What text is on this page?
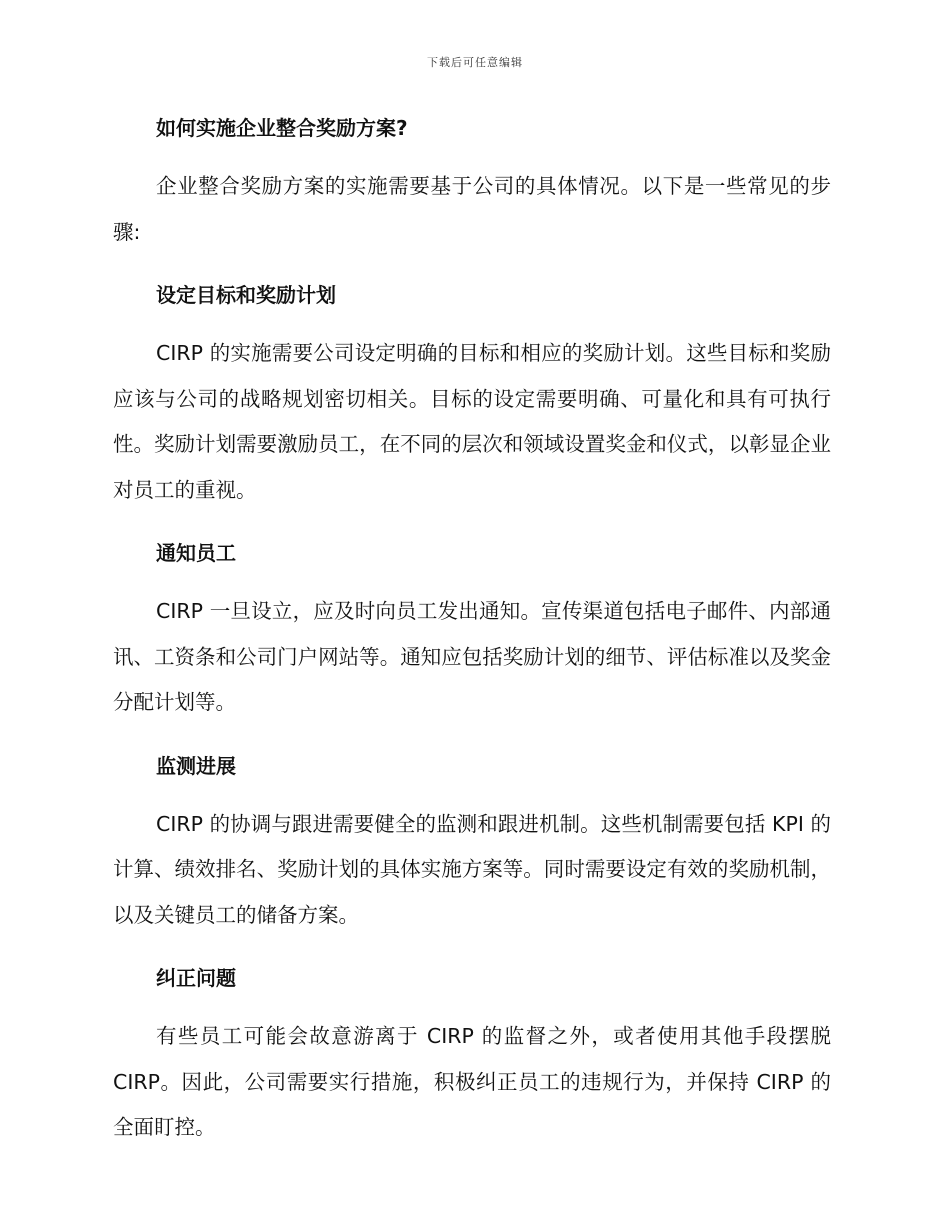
下载后可任意编辑
如何实施企业整合奖励方案?

企业整合奖励方案的实施需要基于公司的具体情况。以下是一些常见的步骤:

设定目标和奖励计划

CIRP 的实施需要公司设定明确的目标和相应的奖励计划。这些目标和奖励应该与公司的战略规划密切相关。目标的设定需要明确、可量化和具有可执行性。奖励计划需要激励员工，在不同的层次和领域设置奖金和仪式，以彰显企业对员工的重视。

通知员工

CIRP 一旦设立，应及时向员工发出通知。宣传渠道包括电子邮件、内部通讯、工资条和公司门户网站等。通知应包括奖励计划的细节、评估标准以及奖金分配计划等。

监测进展

CIRP 的协调与跟进需要健全的监测和跟进机制。这些机制需要包括 KPI 的计算、绩效排名、奖励计划的具体实施方案等。同时需要设定有效的奖励机制，以及关键员工的储备方案。

纠正问题

有些员工可能会故意游离于 CIRP 的监督之外，或者使用其他手段摆脱 CIRP。因此，公司需要实行措施，积极纠正员工的违规行为，并保持 CIRP 的全面盯控。
